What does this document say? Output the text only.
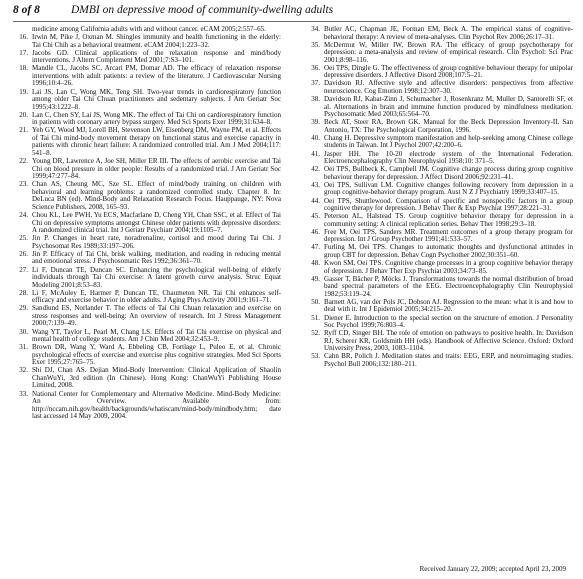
8 of 8	DMBI on depressive mood of community-dwelling adults
medicine among California adults with and without cancer. eCAM 2005;2:557–65.
16. Irwin M, Pike J, Oxman M. Shingles immunity and health functioning in the elderly: Tai Chi Chih as a behavioral treatment. eCAM 2004;1:223–32.
17. Jacobs GD. Clinical applications of the relaxation response and mind/body interventions. J Altern Complement Med 2001;7:S3–101.
18. Mandle CL, Jacobs SC, Arcari PM, Domar AD. The efficacy of relaxation response interventions with adult patients: a review of the literature. J Cardiovascular Nursing 1996;10:4–26.
19. Lai JS, Lan C, Wong MK, Teng SH. Two-year trends in cardiorespiratory function among older Tai Chi Chuan practitioners and sedentary subjects. J Am Geriatr Soc 1995;43:1222–8.
20. Lan C, Chen SY, Lai JS, Wong MK. The effect of Tai Chi on cardiorespiratory function in patients with coronary artery bypass surgery. Med Sci Sports Exer 1999;31:634–8.
21. Yeh GY, Wood MJ, Lorell BH, Stevenson LW, Eisenberg DM, Wayne PM, et al. Effects of Tai Chi mind-body movement therapy on functional status and exercise capacity in patients with chronic heart failure: A randomized controlled trial. Am J Med 2004;117: 541–8.
22. Young DR, Lawrence A, Joe SH, Miller ER III. The effects of aerobic exercise and Tai Chi on blood pressure in older people: Results of a randomized trial. J Am Geriatr Soc 1999;47:277–84.
23. Chan AS, Cheung MC, Sze SL. Effect of mind/body training on children with behavioral and learning problems: a randomized controlled study. Chapter 8. In: DeLuca BN (ed). Mind-Body and Relaxation Research Focus. Hauppauge, NY: Nova Science Publishers, 2008, 165–93.
24. Chou KL, Lee PWH, Yu ECS, Macfarlane D, Cheng YH, Chan SSC, et al. Effect of Tai Chi on depressive symptoms amongst Chinese older patients with depressive disorders: A randomized clinical trial. Int J Geriatr Psychiatr 2004;19:1105–7.
25. Jin P. Changes in heart rate, noradrenaline, cortisol and mood during Tai Chi. J Psychosomat Res 1989;33:197–206.
26. Jin P. Efficacy of Tai Chi, brisk walking, meditation, and reading in reducing mental and emotional stress. J Psychosomatic Res 1992;36:361–70.
27. Li F, Duncan TE, Duncan SC. Enhancing the psychological well-being of elderly individuals through Tai Chi exercise: A latent growth curve analysis. Struc Equat Modeling 2001;8:53–83.
28. Li F, McAuley E, Harmer P, Duncan TE, Chaumeton NR. Tai Chi enhances self-efficacy and exercise behavior in older adults. J Aging Phys Activity 2001;9:161–71.
29. Sandlund ES, Norlander T. The effects of Tai Chi Chuan relaxation and exercise on stress responses and well-being: An overview of research. Int J Stress Management 2000;7:139–49.
30. Wang YT, Taylor L, Pearl M, Chang LS. Effects of Tai Chi exercise on physical and mental health of college students. Am J Chin Med 2004;32:453–9.
31. Brown DR, Wang Y, Ward A, Ebbeling CB, Fortlage L, Puleo E, et al. Chronic psychological effects of exercise and exercise plus cognitive strategies. Med Sci Sports Exer 1995;27:765–75.
32. Shi DJ, Chan AS. Dejian Mind-Body Intervention: Clinical Application of Shaolin ChanWuYi, 3rd edition (In Chinese). Hong Kong: ChanWuYi Publishing House Limited, 2008.
33. National Center for Complementary and Alternative Medicine. Mind-Body Medicine: An Overview. Available from: http://nccam.nih.gov/health/backgrounds/whatiscam/mind-body/mindbody.htm; date last accessed 14 May 2009, 2004.
34. Butler AC, Chapman JE, Forman EM, Beck A. The empirical status of cognitive-behavioral therapy: A review of meta-analyses. Clin Psychol Rev 2006;26:17–31.
35. McDermut W, Miller IW, Brown RA. The efficacy of group psychotherapy for depression: a meta-analysis and review of empirical research. Clin Psychol: Sci Prac 2001;8:98–116.
36. Oei TPS, Dingle G. The effectiveness of group cognitive behaviour therapy for unipolar depressive disorders. J Affective Disord 2008;107:5–21.
37. Davidson RJ. Affective style and affective disorders: perspectives from affective neuroscience. Cog Emotion 1998;12:307–30.
38. Davidson RJ, Kabat-Zinn J, Schumacher J, Rosenkranz M, Muller D, Santorelli SF, et al. Alternations in brain and immune function produced by mindfulness meditation. Psychosomatic Med 2003;65:564–70.
39. Beck AT, Steer RA, Brown GK. Manual for the Beck Depression Inventory-II. San Antonio, TX: The Psychological Corporation, 1996.
40. Chang H. Depressive symptom manifestation and help-seeking among Chinese college students in Taiwan. Int J Psychol 2007;42:200–6.
41. Jasper HH. The 10-20 electrode system of the International Federation. Electroencephalography Clin Neurophysiol 1958;10: 371–5.
42. Oei TPS, Bullbeck K, Campbell JM. Cognitive change process during group cognitive behaviour therapy for depression. J Affect Disord 2006;92:231–41.
43. Oei TPS, Sullivan LM. Cognitive changes following recovery from depression in a group cognitive-behavior therapy program. Aust N Z J Psychiatry 1999;33:407–15.
44. Oei TPS, Shuttlewood. Comparison of specific and nonspecific factors in a group cognitive therapy for depression. J Behav Ther & Exp Psychiat 1997;28:221–31.
45. Peterson AL, Halstead TS. Group cognitive behavior therapy for depression in a community setting: A clinical replication series. Behav Ther 1998;29:3–18.
46. Free M, Oei TPS, Sanders MR. Treatment outcomes of a group therapy program for depression. Int J Group Psychother 1991;41:533–57.
47. Furling M, Oei TPS. Changes to automatic thoughts and dysfunctional attitudes in group CBT for depression. Behav Cogn Psychother 2002;30:351–60.
48. Kwon SM, Oei TPS. Cognitive change processes in a group cognitive behavior therapy of depression. J Behav Ther Exp Psychiat 2003;34:73–85.
49. Gasser T, Bächer P, Möcks J. Transformations towards the normal distribution of broad band spectral parameters of the EEG. Electroencephalography Clin Neurophysiol 1982;53:119–24.
50. Barnett AG, van der Pols JC, Dobson AJ. Regression to the mean: what it is and how to deal with it. Int J Epidemiol 2005;34:215–20.
51. Diener E. Introduction to the special section on the structure of emotion. J Personality Soc Psychol 1999;76:803–4.
52. Ryff CD, Singer BH. The role of emotion on pathways to positive health. In: Davidson RJ, Scherer KR, Goldsmith HH (eds). Handbook of Affective Science. Oxford: Oxford University Press, 2003, 1083–1104.
53. Cahn BR, Polich J. Meditation states and traits: EEG, ERP, and neuroimaging studies. Psychol Bull 2006;132:180–211.
Received January 22, 2009; accepted April 23, 2009
